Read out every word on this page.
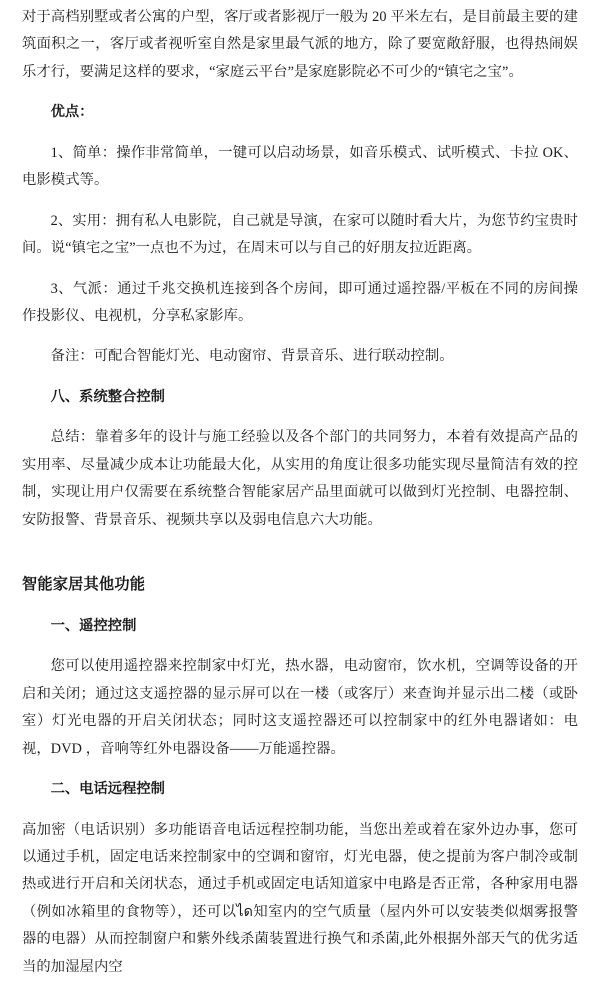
对于高档别墅或者公寓的户型，客厅或者影视厅一般为 20 平米左右，是目前最主要的建筑面积之一，客厅或者视听室自然是家里最气派的地方，除了要宽敞舒服，也得热闹娱乐才行，要满足这样的要求，“家庭云平台”是家庭影院必不可少的“镇宅之宝”。

优点：

1、简单：操作非常简单，一键可以启动场景，如音乐模式、试听模式、卡拉 OK、电影模式等。

2、实用：拥有私人电影院，自己就是导演，在家可以随时看大片，为您节约宝贵时间。说“镇宅之宝”一点也不为过，在周末可以与自己的好朋友拉近距离。

3、气派：通过千兆交换机连接到各个房间，即可通过遥控器/平板在不同的房间操作投影仪、电视机，分享私家影库。

备注：可配合智能灯光、电动窗帘、背景音乐、进行联动控制。

八、系统整合控制

总结：靠着多年的设计与施工经验以及各个部门的共同努力，本着有效提高产品的实用率、尽量减少成本让功能最大化，从实用的角度让很多功能实现尽量简洁有效的控制，实现让用户仅需要在系统整合智能家居产品里面就可以做到灯光控制、电器控制、安防报警、背景音乐、视频共享以及弱电信息六大功能。

智能家居其他功能
一、遥控控制

您可以使用遥控器来控制家中灯光，热水器，电动窗帘，饮水机，空调等设备的开启和关闭；通过这支遥控器的显示屏可以在一楼（或客厅）来查询并显示出二楼（或卧室）灯光电器的开启关闭状态；同时这支遥控器还可以控制家中的红外电器诸如：电视，DVD ，音响等红外电器设备——万能遥控器。

二、电话远程控制

高加密（电话识别）多功能语音电话远程控制功能，当您出差或着在家外边办事，您可以通过手机，固定电话来控制家中的空调和窗帘，灯光电器，使之提前为客户制冷或制热或进行开启和关闭状态，通过手机或固定电话知道家中电路是否正常，各种家用电器（例如冰箱里的食物等），还可以ได知室内的空气质量（屋内外可以安装类似烟雾报警器的电器）从而控制窗户和紫外线杀菌装置进行换气和杀菌,此外根据外部天气的优劣适当的加湿屋内空
